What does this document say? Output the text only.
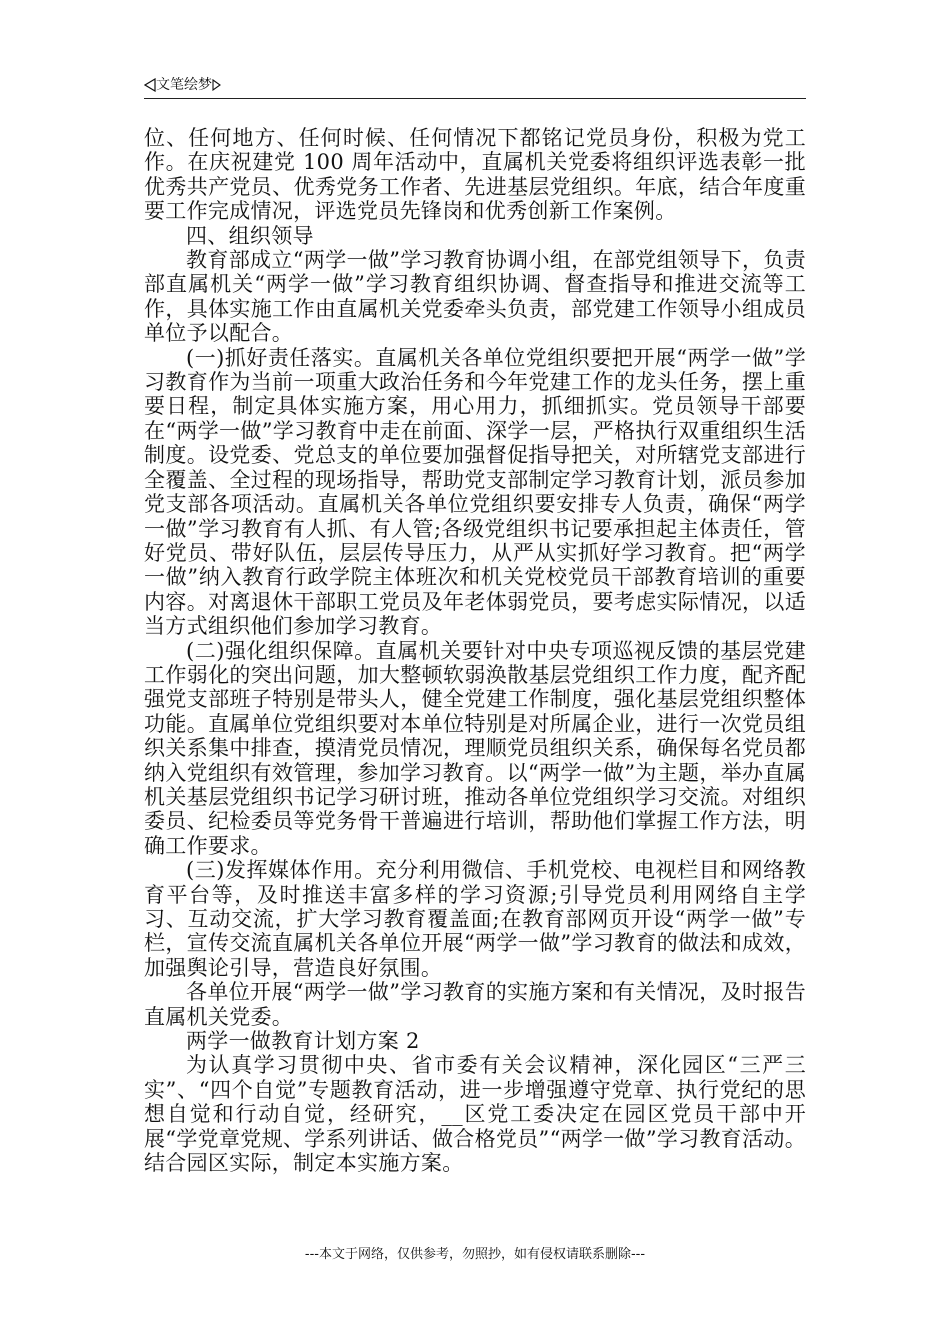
文笔绘梦

位、任何地方、任何时候、任何情况下都铭记党员身份，积极为党工作。在庆祝建党 100 周年活动中，直属机关党委将组织评选表彰一批优秀共产党员、优秀党务工作者、先进基层党组织。年底，结合年度重要工作完成情况，评选党员先锋岗和优秀创新工作案例。

四、组织领导

教育部成立“两学一做”学习教育协调小组，在部党组领导下，负责部直属机关“两学一做”学习教育组织协调、督查指导和推进交流等工作，具体实施工作由直属机关党委牵头负责，部党建工作领导小组成员单位予以配合。

(一)抓好责任落实。直属机关各单位党组织要把开展“两学一做”学习教育作为当前一项重大政治任务和今年党建工作的龙头任务，摆上重要日程，制定具体实施方案，用心用力，抓细抓实。党员领导干部要在“两学一做”学习教育中走在前面、深学一层，严格执行双重组织生活制度。设党委、党总支的单位要加强督促指导把关，对所辖党支部进行全覆盖、全过程的现场指导，帮助党支部制定学习教育计划，派员参加党支部各项活动。直属机关各单位党组织要安排专人负责，确保“两学一做”学习教育有人抓、有人管;各级党组织书记要承担起主体责任，管好党员、带好队伍，层层传导压力，从严从实抓好学习教育。把“两学一做”纳入教育行政学院主体班次和机关党校党员干部教育培训的重要内容。对离退休干部职工党员及年老体弱党员，要考虑实际情况，以适当方式组织他们参加学习教育。

(二)强化组织保障。直属机关要针对中央专项巡视反馈的基层党建工作弱化的突出问题，加大整顿软弱涣散基层党组织工作力度，配齐配强党支部班子特别是带头人，健全党建工作制度，强化基层党组织整体功能。直属单位党组织要对本单位特别是对所属企业，进行一次党员组织关系集中排查，摸清党员情况，理顺党员组织关系，确保每名党员都纳入党组织有效管理，参加学习教育。以“两学一做”为主题，举办直属机关基层党组织书记学习研讨班，推动各单位党组织学习交流。对组织委员、纪检委员等党务骨干普遍进行培训，帮助他们掌握工作方法，明确工作要求。

(三)发挥媒体作用。充分利用微信、手机党校、电视栏目和网络教育平台等，及时推送丰富多样的学习资源;引导党员利用网络自主学习、互动交流，扩大学习教育覆盖面;在教育部网页开设“两学一做”专栏，宣传交流直属机关各单位开展“两学一做”学习教育的做法和成效，加强舆论引导，营造良好氛围。

各单位开展“两学一做”学习教育的实施方案和有关情况，及时报告直属机关党委。

两学一做教育计划方案 2

为认真学习贯彻中央、省市委有关会议精神，深化园区“三严三实”、“四个自觉”专题教育活动，进一步增强遵守党章、执行党纪的思想自觉和行动自觉，经研究，__区党工委决定在园区党员干部中开展“学党章党规、学系列讲话、做合格党员”“两学一做”学习教育活动。结合园区实际，制定本实施方案。

---本文于网络，仅供参考，勿照抄，如有侵权请联系删除---
